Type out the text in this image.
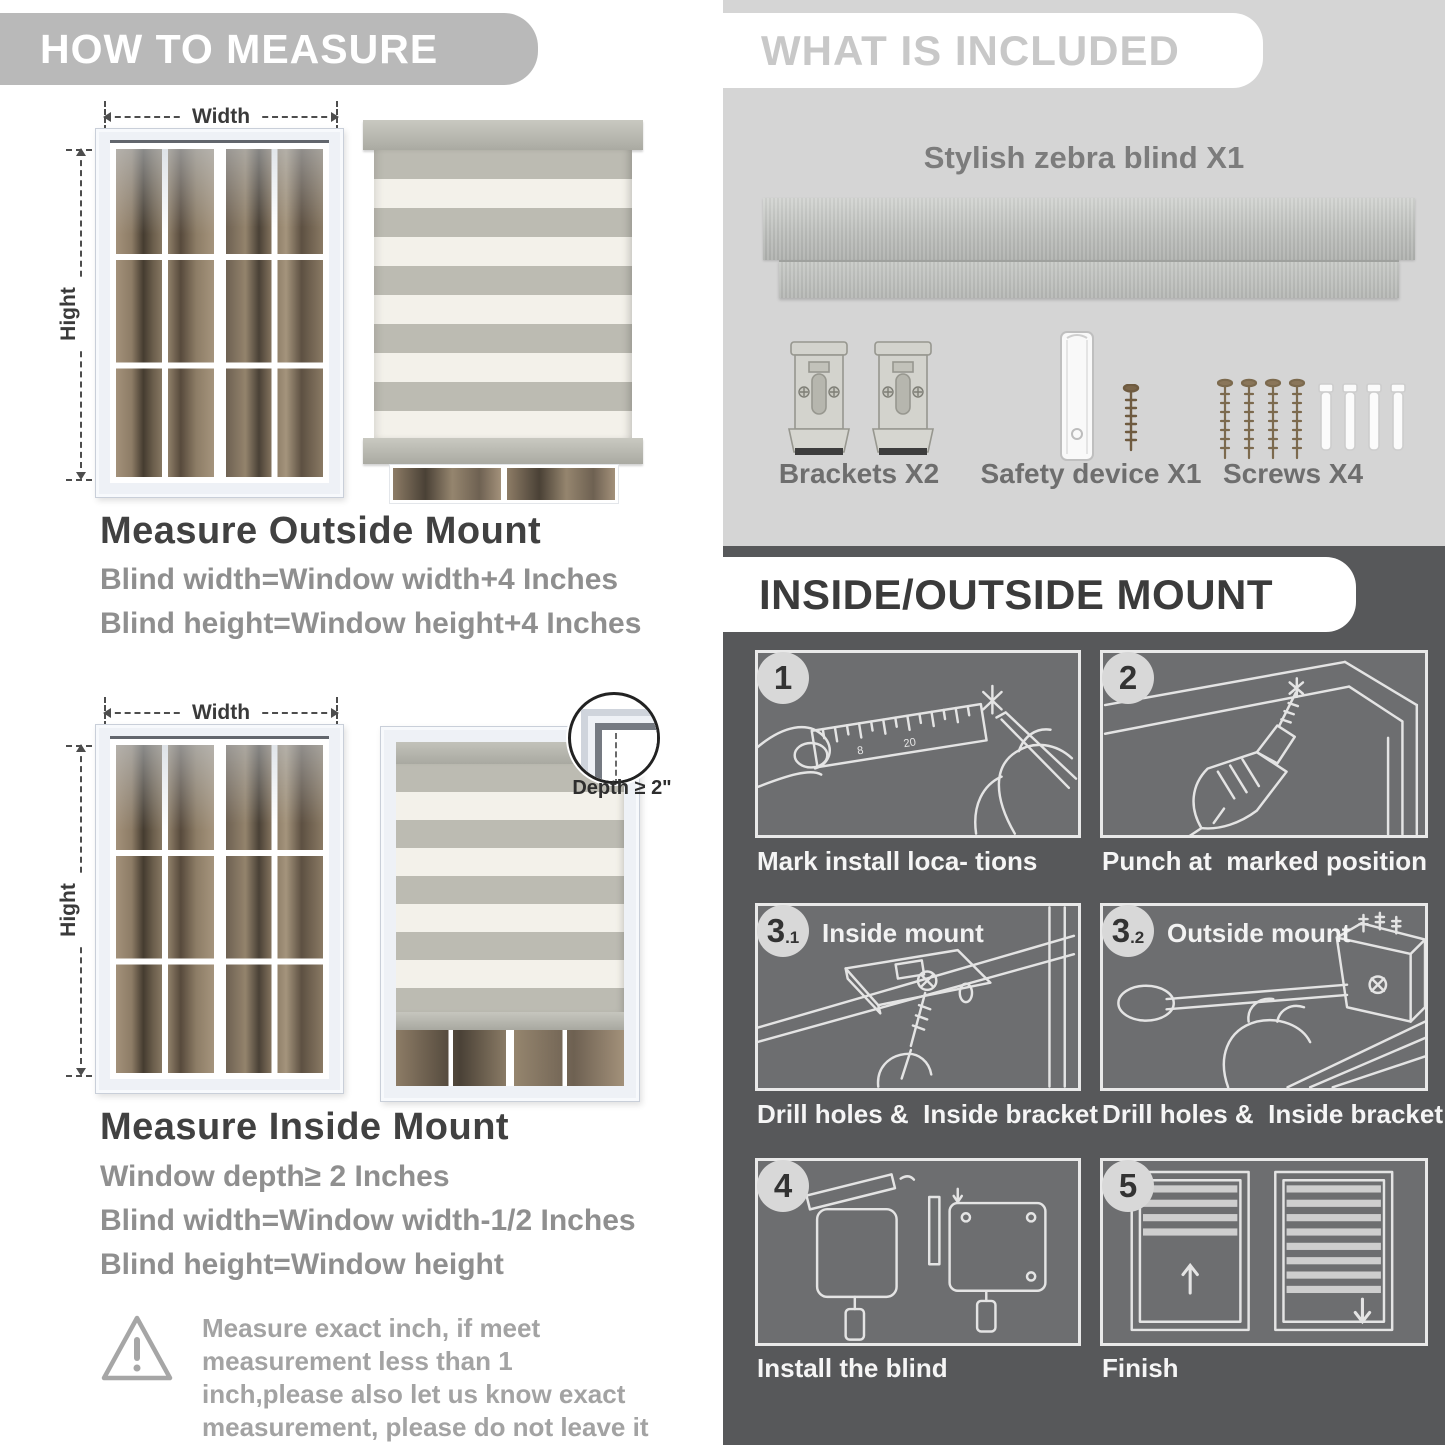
HOW TO MEASURE
Width
Hight
Measure Outside Mount

Blind width=Window width+4 Inches

Blind height=Window height+4 Inches

Width
Hight
Depth ≥ 2"
Measure Inside Mount

Window depth≥ 2 Inches

Blind width=Window width-1/2 Inches

Blind height=Window height

Measure exact inch, if meet measurement less than 1 inch,please also let us know exact measurement, please do not leave it
WHAT IS INCLUDED
Stylish zebra blind X1
Brackets X2 Safety device X1 Screws X4
INSIDE/OUTSIDE MOUNT
8
20
1
Mark install loca- tions
2
Punch at  marked position
3 .1 Inside mount
Drill holes &  Inside bracket
3 .2 Outside mount
Drill holes &  Inside bracket
4
Install the blind
5
Finish
